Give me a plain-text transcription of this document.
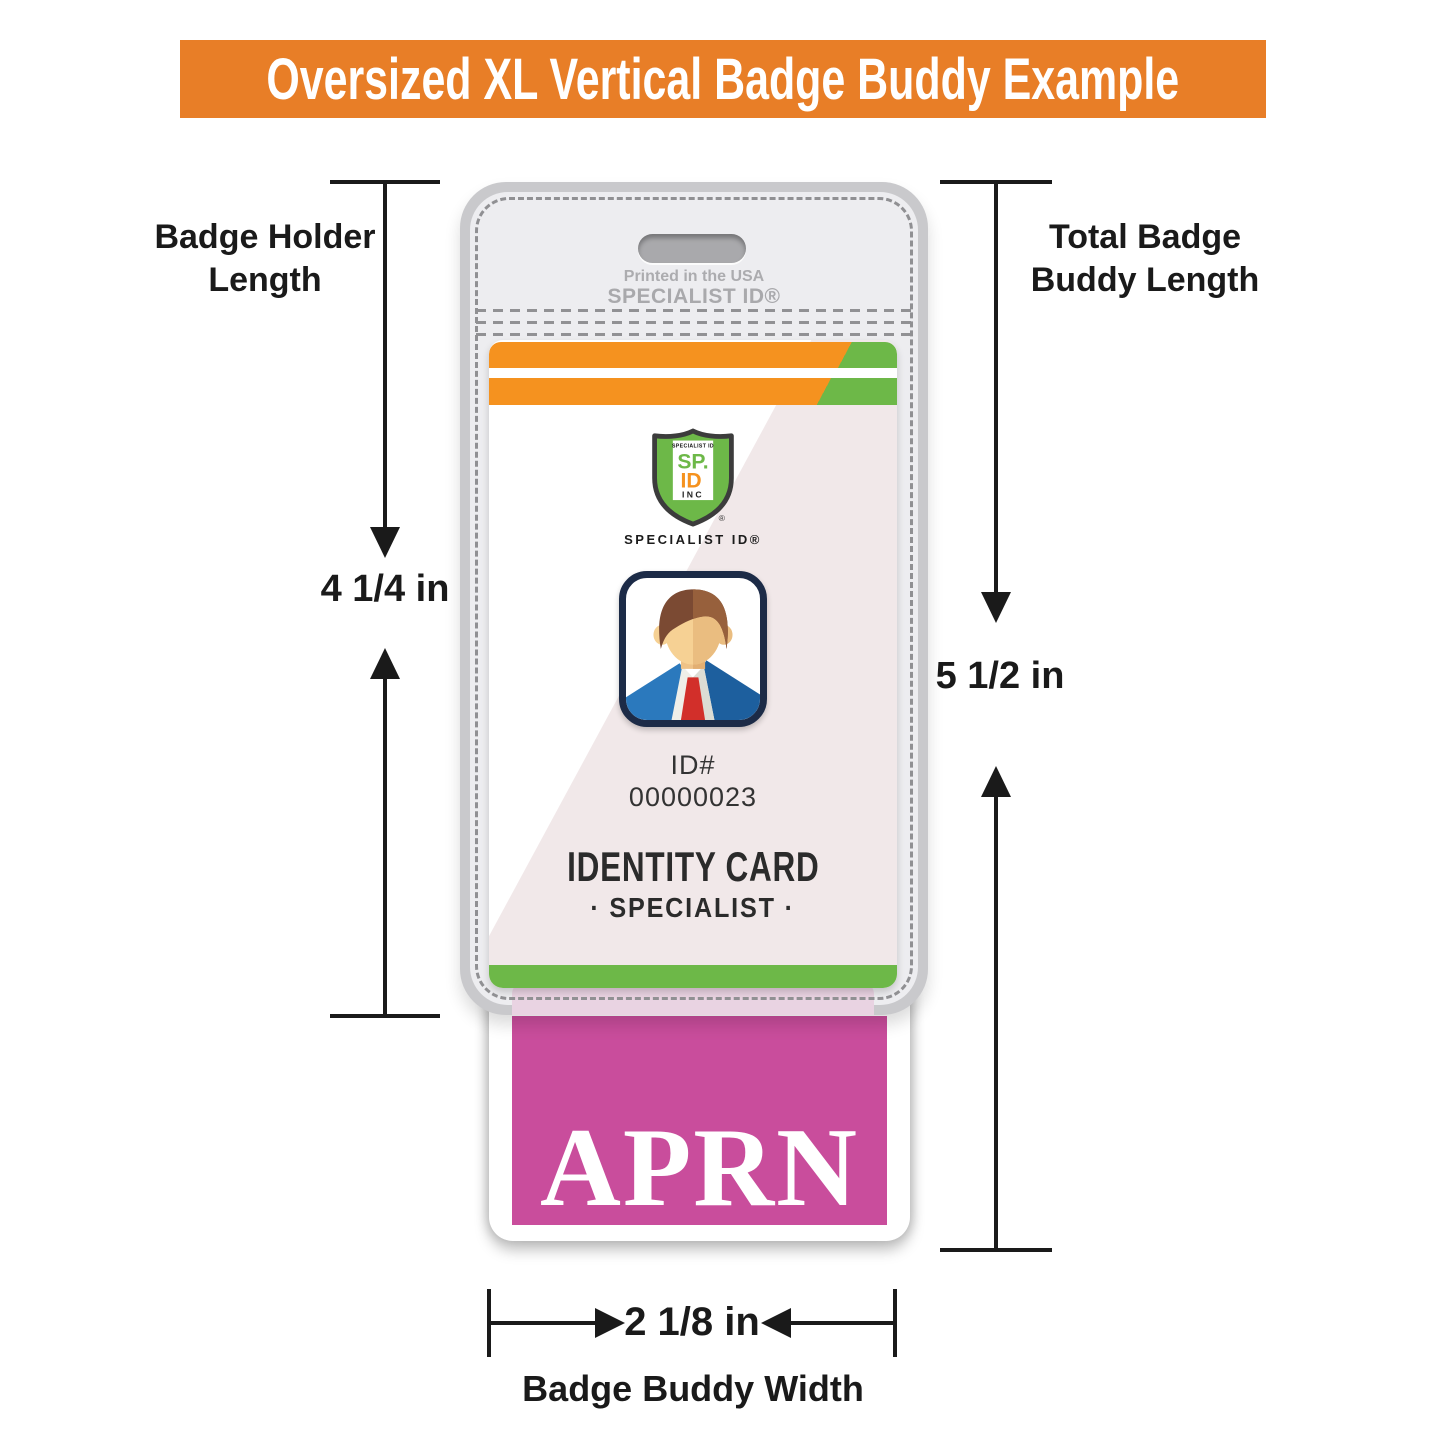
Oversized XL Vertical Badge Buddy Example
Badge Holder Length
4 1/4 in
Total Badge Buddy Length
5 1/2 in
2 1/8 in
Badge Buddy Width
APRN
Printed in the USA
SPECIALIST ID®
SPECIALIST ID
SP.
ID
INC
®
SPECIALIST ID®
ID#
00000023
IDENTITY CARD
· SPECIALIST ·
